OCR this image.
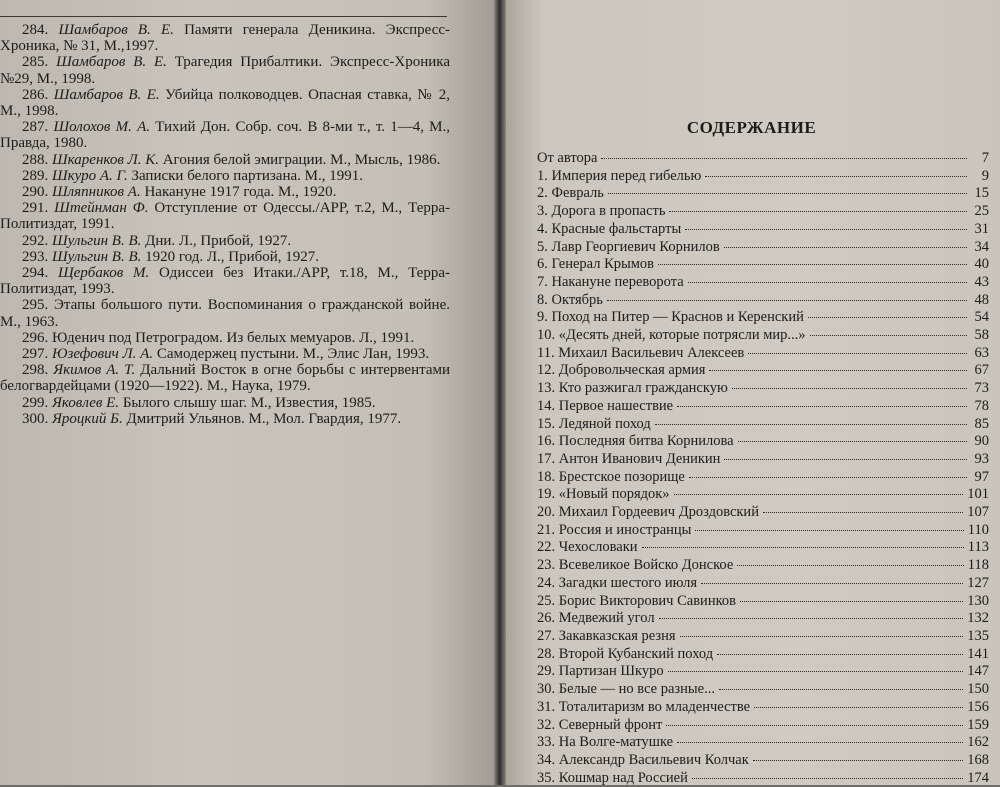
284. Шамбаров В. Е. Памяти генерала Деникина. Экспресс-Хроника, № 31, М.,1997.

285. Шамбаров В. Е. Трагедия Прибалтики. Экспресс-Хроника №29, М., 1998.

286. Шамбаров В. Е. Убийца полководцев. Опасная ставка, № 2, М., 1998.

287. Шолохов М. А. Тихий Дон. Собр. соч. В 8-ми т., т. 1—4, М., Правда, 1980.

288. Шкаренков Л. К. Агония белой эмиграции. М., Мысль, 1986.

289. Шкуро А. Г. Записки белого партизана. М., 1991.

290. Шляпников А. Накануне 1917 года. М., 1920.

291. Штейнман Ф. Отступление от Одессы./АРР, т.2, М., Терра-Политиздат, 1991.

292. Шульгин В. В. Дни. Л., Прибой, 1927.

293. Шульгин В. В. 1920 год. Л., Прибой, 1927.

294. Щербаков М. Одиссеи без Итаки./АРР, т.18, М., Терра-Политиздат, 1993.

295. Этапы большого пути. Воспоминания о гражданской войне. М., 1963.

296. Юденич под Петроградом. Из белых мемуаров. Л., 1991.

297. Юзефович Л. А. Самодержец пустыни. М., Элис Лан, 1993.

298. Якимов А. Т. Дальний Восток в огне борьбы с интервентами белогвардейцами (1920—1922). М., Наука, 1979.

299. Яковлев Е. Былого слышу шаг. М., Известия, 1985.

300. Яроцкий Б. Дмитрий Ульянов. М., Мол. Гвардия, 1977.

СОДЕРЖАНИЕ
От автора	7
1. Империя перед гибелью	9
2. Февраль	15
3. Дорога в пропасть	25
4. Красные фальстарты	31
5. Лавр Георгиевич Корнилов	34
6. Генерал Крымов	40
7. Накануне переворота	43
8. Октябрь	48
9. Поход на Питер — Краснов и Керенский	54
10. «Десять дней, которые потрясли мир...»	58
11. Михаил Васильевич Алексеев	63
12. Добровольческая армия	67
13. Кто разжигал гражданскую	73
14. Первое нашествие	78
15. Ледяной поход	85
16. Последняя битва Корнилова	90
17. Антон Иванович Деникин	93
18. Брестское позорище	97
19. «Новый порядок»	101
20. Михаил Гордеевич Дроздовский	107
21. Россия и иностранцы	110
22. Чехословаки	113
23. Всевеликое Войско Донское	118
24. Загадки шестого июля	127
25. Борис Викторович Савинков	130
26. Медвежий угол	132
27. Закавказская резня	135
28. Второй Кубанский поход	141
29. Партизан Шкуро	147
30. Белые — но все разные...	150
31. Тоталитаризм во младенчестве	156
32. Северный фронт	159
33. На Волге-матушке	162
34. Александр Васильевич Колчак	168
35. Кошмар над Россией	174
